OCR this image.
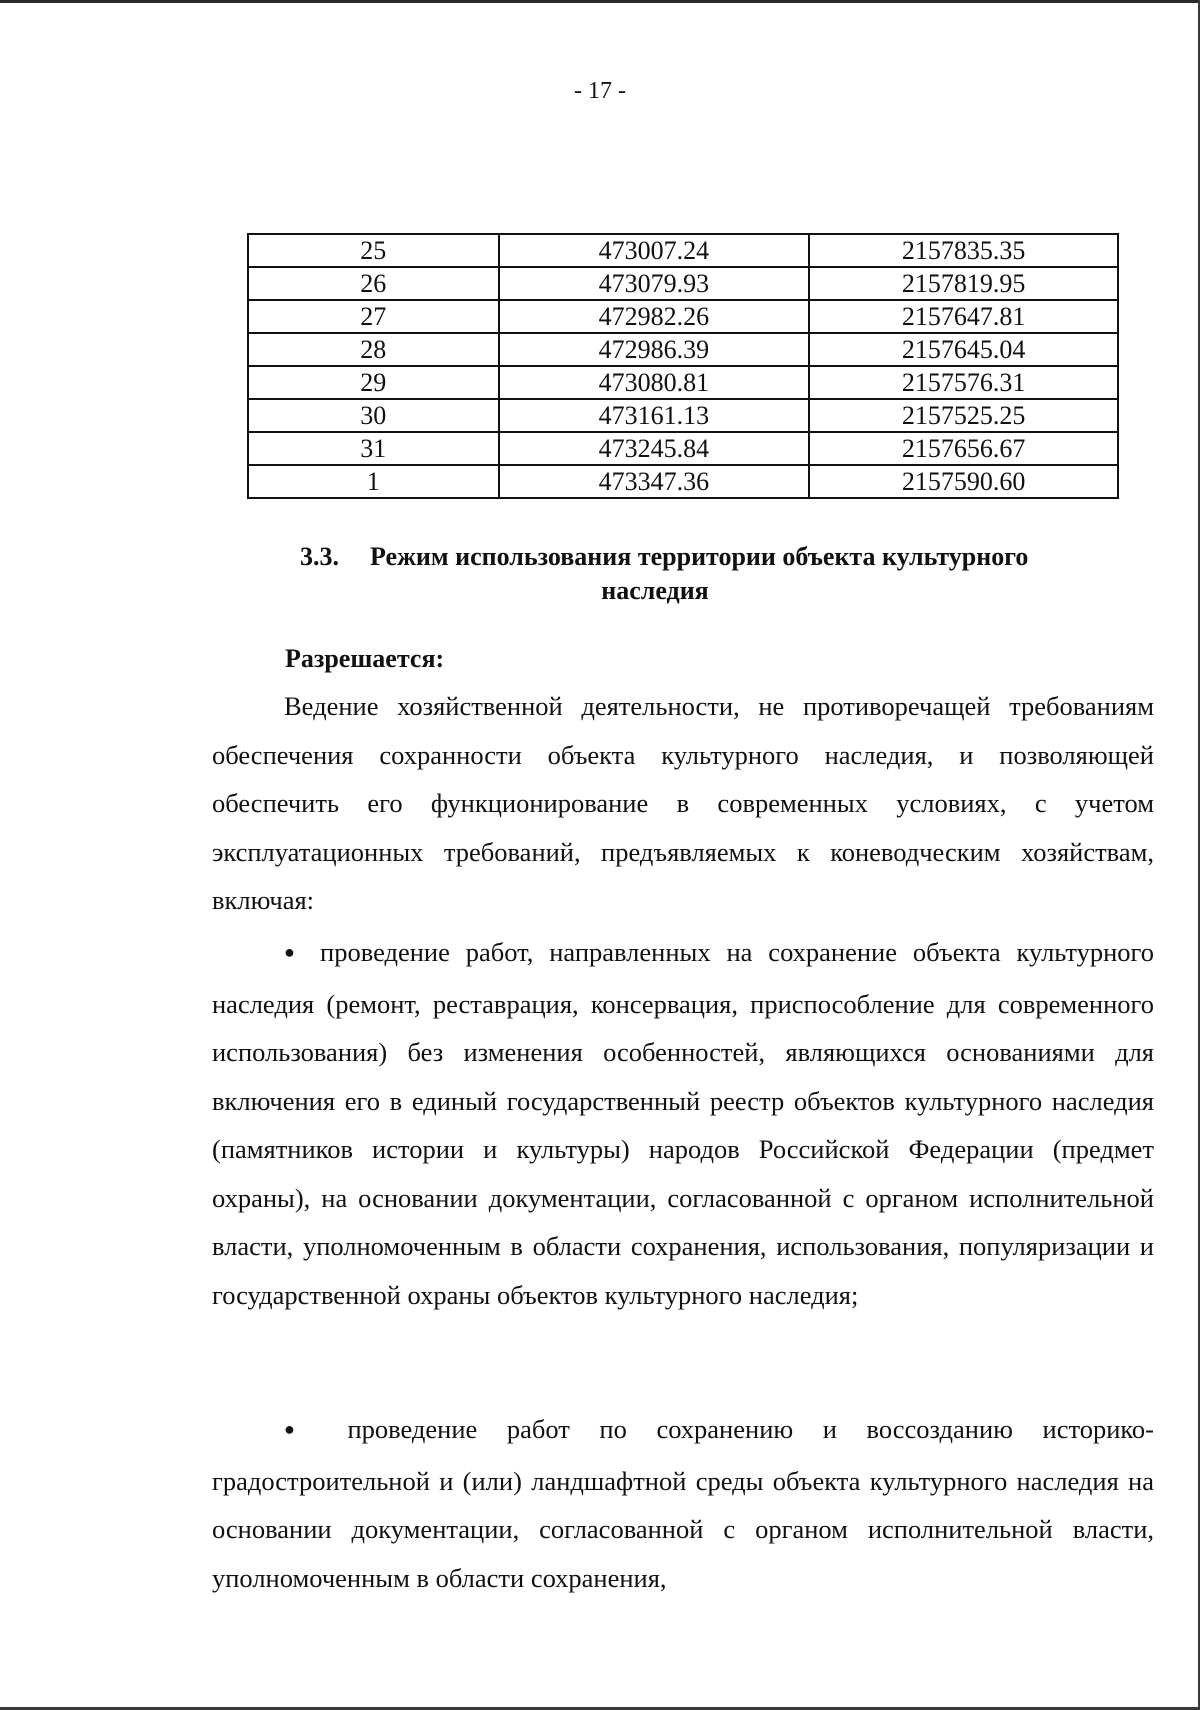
- 17 -
25	473007.24	2157835.35
26	473079.93	2157819.95
27	472982.26	2157647.81
28	472986.39	2157645.04
29	473080.81	2157576.31
30	473161.13	2157525.25
31	473245.84	2157656.67
1	473347.36	2157590.60
3.3. Режим использования территории объекта культурного
наследия
Разрешается:

Ведение хозяйственной деятельности, не противоречащей требованиям обеспечения сохранности объекта культурного наследия, и позволяющей обеспечить его функционирование в современных условиях, с учетом эксплуатационных требований, предъявляемых к коневодческим хозяйствам, включая:

● проведение работ, направленных на сохранение объекта культурного наследия (ремонт, реставрация, консервация, приспособление для современного использования) без изменения особенностей, являющихся основаниями для включения его в единый государственный реестр объектов культурного наследия (памятников истории и культуры) народов Российской Федерации (предмет охраны), на основании документации, согласованной с органом исполнительной власти, уполномоченным в области сохранения, использования, популяризации и государственной охраны объектов культурного наследия;

● проведение работ по сохранению и воссозданию историко-градостроительной и (или) ландшафтной среды объекта культурного наследия на основании документации, согласованной с органом исполнительной власти, уполномоченным в области сохранения,
